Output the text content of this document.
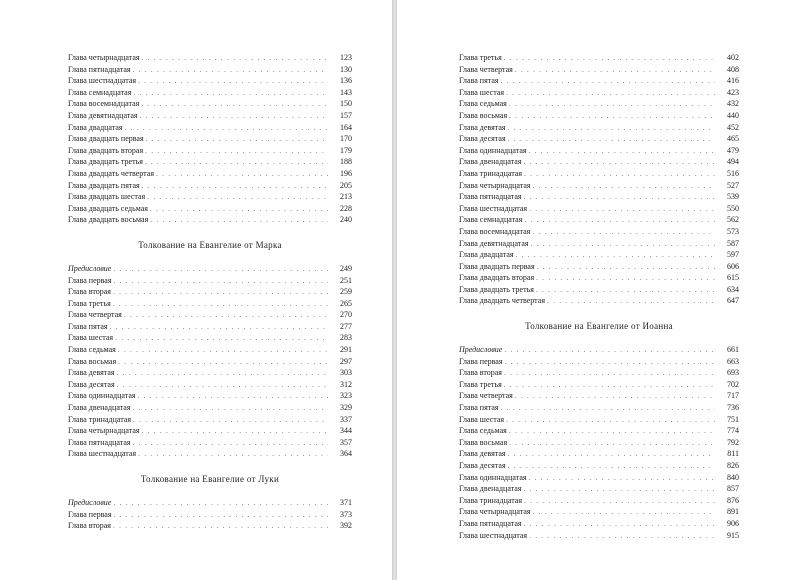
Глава четырнадцатая . . .	123
Глава пятнадцатая . . .	130
Глава шестнадцатая . . .	136
Глава семнадцатая . . .	143
Глава восемнадцатая . . .	150
Глава девятнадцатая . . .	157
Глава двадцатая . . .	164
Глава двадцать первая . . .	170
Глава двадцать вторая . . .	179
Глава двадцать третья . . .	188
Глава двадцать четвертая . . .	196
Глава двадцать пятая . . .	205
Глава двадцать шестая . . .	213
Глава двадцать седьмая . . .	228
Глава двадцать восьмая . . .	240
Толкование на Евангелие от Марка
Предисловие . . .	249
Глава первая . . .	251
Глава вторая . . .	259
Глава третья . . .	265
Глава четвертая . . .	270
Глава пятая . . .	277
Глава шестая . . .	283
Глава седьмая . . .	291
Глава восьмая . . .	297
Глава девятая . . .	303
Глава десятая . . .	312
Глава одиннадцатая . . .	323
Глава двенадцатая . . .	329
Глава тринадцатая . . .	337
Глава четырнадцатая . . .	344
Глава пятнадцатая . . .	357
Глава шестнадцатая . . .	364
Толкование на Евангелие от Луки
Предисловие . . .	371
Глава первая . . .	373
Глава вторая . . .	392
Глава третья . . .	402
Глава четвертая . . .	408
Глава пятая . . .	416
Глава шестая . . .	423
Глава седьмая . . .	432
Глава восьмая . . .	440
Глава девятая . . .	452
Глава десятая . . .	465
Глава одиннадцатая . . .	479
Глава двенадцатая . . .	494
Глава тринадцатая . . .	516
Глава четырнадцатая . . .	527
Глава пятнадцатая . . .	539
Глава шестнадцатая . . .	550
Глава семнадцатая . . .	562
Глава восемнадцатая . . .	573
Глава девятнадцатая . . .	587
Глава двадцатая . . .	597
Глава двадцать первая . . .	606
Глава двадцать вторая . . .	615
Глава двадцать третья . . .	634
Глава двадцать четвертая . . .	647
Толкование на Евангелие от Иоанна
Предисловие . . .	661
Глава первая . . .	663
Глава вторая . . .	693
Глава третья . . .	702
Глава четвертая . . .	717
Глава пятая . . .	736
Глава шестая . . .	751
Глава седьмая . . .	774
Глава восьмая . . .	792
Глава девятая . . .	811
Глава десятая . . .	826
Глава одиннадцатая . . .	840
Глава двенадцатая . . .	857
Глава тринадцатая . . .	876
Глава четырнадцатая . . .	891
Глава пятнадцатая . . .	906
Глава шестнадцатая . . .	915
